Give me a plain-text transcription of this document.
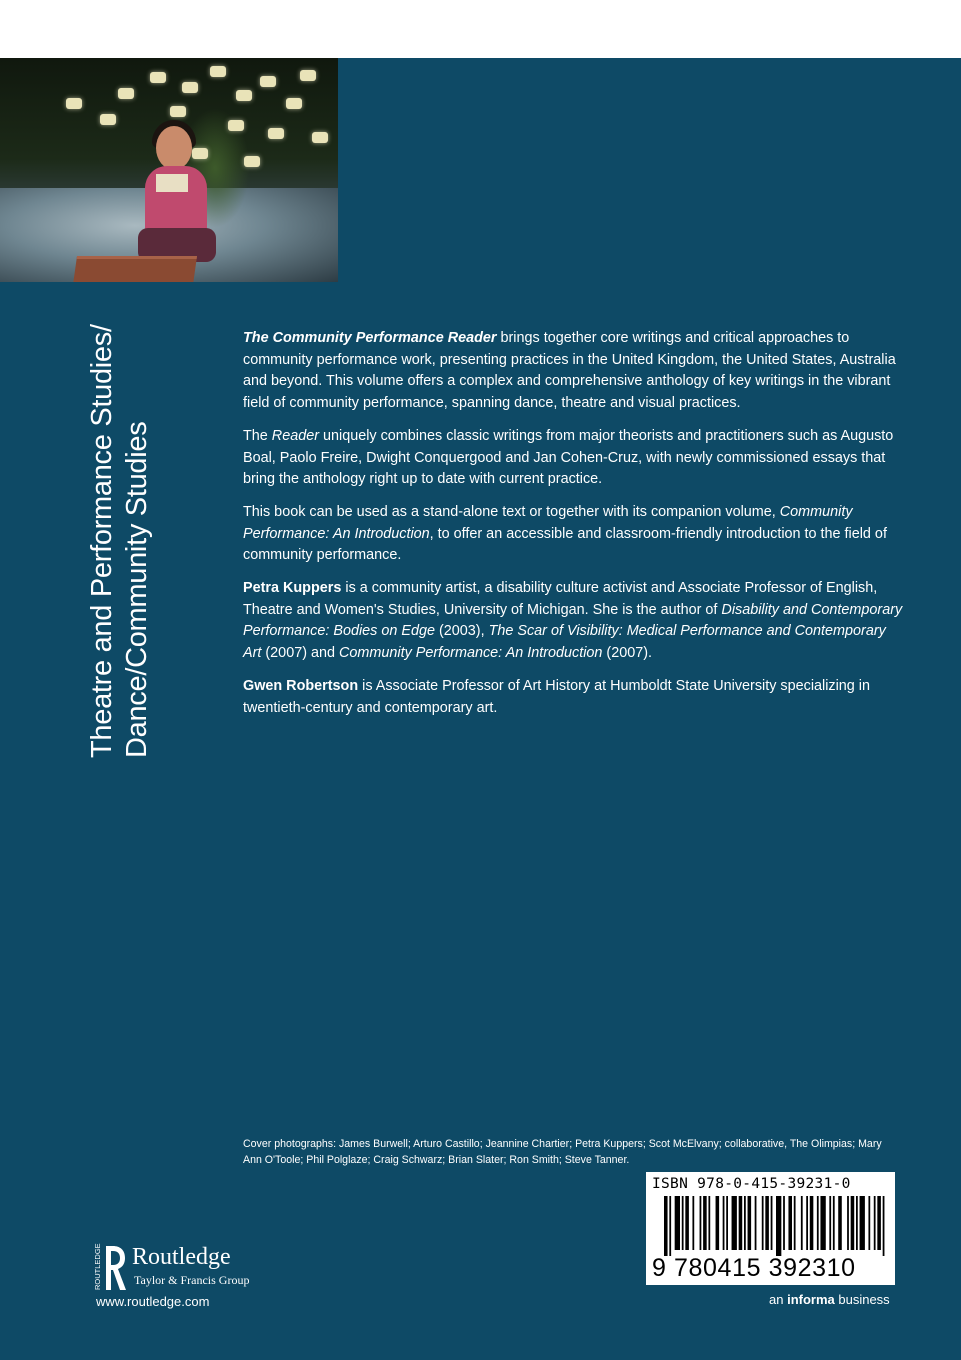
Theatre and Performance Studies/ Dance/Community Studies

The Community Performance Reader brings together core writings and critical approaches to community performance work, presenting practices in the United Kingdom, the United States, Australia and beyond. This volume offers a complex and comprehensive anthology of key writings in the vibrant field of community performance, spanning dance, theatre and visual practices.

The Reader uniquely combines classic writings from major theorists and practitioners such as Augusto Boal, Paolo Freire, Dwight Conquergood and Jan Cohen-Cruz, with newly commissioned essays that bring the anthology right up to date with current practice.

This book can be used as a stand-alone text or together with its companion volume, Community Performance: An Introduction, to offer an accessible and classroom-friendly introduction to the field of community performance.

Petra Kuppers is a community artist, a disability culture activist and Associate Professor of English, Theatre and Women's Studies, University of Michigan. She is the author of Disability and Contemporary Performance: Bodies on Edge (2003), The Scar of Visibility: Medical Performance and Contemporary Art (2007) and Community Performance: An Introduction (2007).

Gwen Robertson is Associate Professor of Art History at Humboldt State University specializing in twentieth-century and contemporary art.

Cover photographs: James Burwell; Arturo Castillo; Jeannine Chartier; Petra Kuppers; Scot McElvany; collaborative, The Olimpias; Mary Ann O'Toole; Phil Polglaze; Craig Schwarz; Brian Slater; Ron Smith; Steve Tanner.
ISBN 978-0-415-39231-0
9 780415 392310
ROUTLEDGE Routledge
Taylor & Francis Group
www.routledge.com	an informa business
